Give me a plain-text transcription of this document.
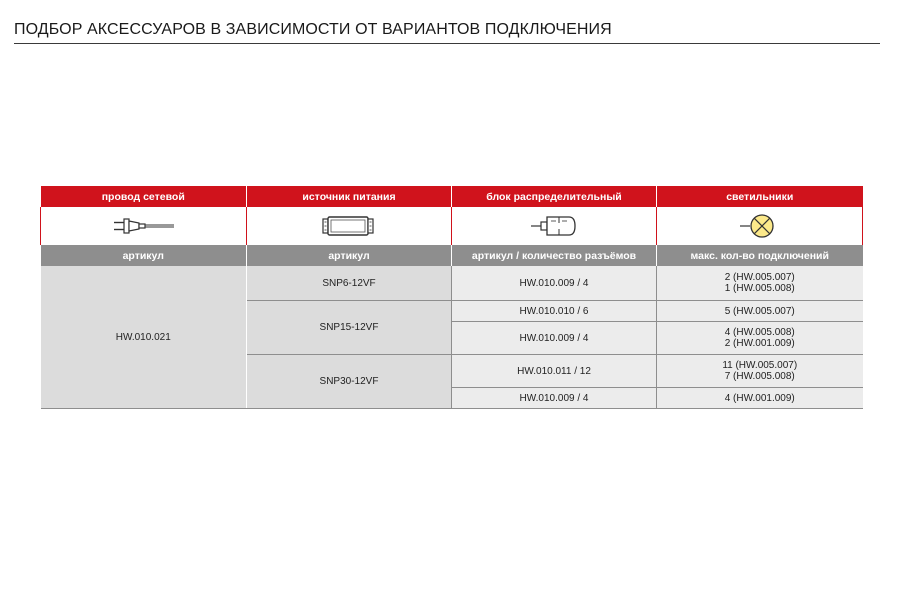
ПОДБОР АКСЕССУАРОВ В ЗАВИСИМОСТИ ОТ ВАРИАНТОВ ПОДКЛЮЧЕНИЯ
провод сетевой	источник питания	блок распределительный	светильники

артикул	артикул	артикул / количество разъёмов	макс. кол-во подключений
HW.010.021	SNP6-12VF	HW.010.009 / 4	2 (HW.005.007)
1 (HW.005.008)

	SNP15-12VF	HW.010.010 / 6	5 (HW.005.007)

		HW.010.009 / 4	4 (HW.005.008)
2 (HW.001.009)

	SNP30-12VF	HW.010.011 / 12	11 (HW.005.007)
7 (HW.005.008)

		HW.010.009 / 4	4 (HW.001.009)
